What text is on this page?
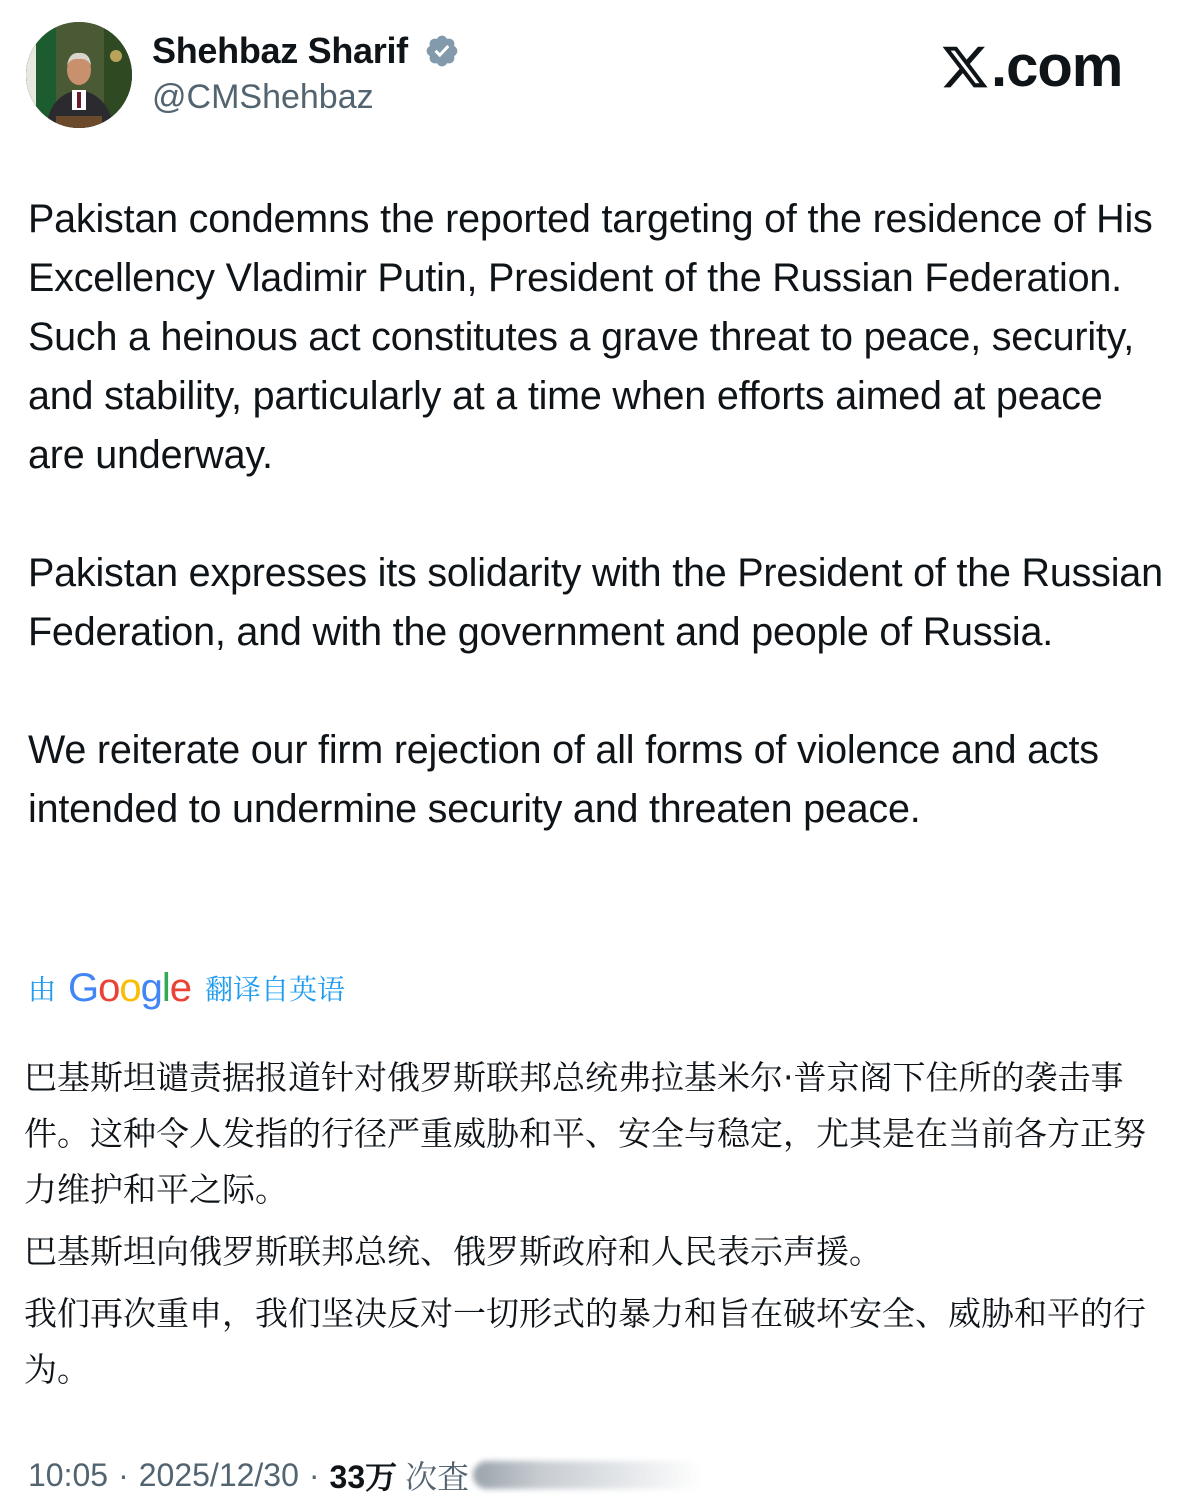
Shehbaz Sharif
@CMShehbaz	.com

Pakistan condemns the reported targeting of the residence of His Excellency Vladimir Putin, President of the Russian Federation. Such a heinous act constitutes a grave threat to peace, security, and stability, particularly at a time when efforts aimed at peace are underway.

Pakistan expresses its solidarity with the President of the Russian Federation, and with the government and people of Russia.

We reiterate our firm rejection of all forms of violence and acts intended to undermine security and threaten peace.

由 Google 翻译自英语

巴基斯坦谴责据报道针对俄罗斯联邦总统弗拉基米尔·普京阁下住所的袭击事件。这种令人发指的行径严重威胁和平、安全与稳定，尤其是在当前各方正努力维护和平之际。

巴基斯坦向俄罗斯联邦总统、俄罗斯政府和人民表示声援。

我们再次重申，我们坚决反对一切形式的暴力和旨在破坏安全、威胁和平的行为。

10:05 · 2025/12/30 · 33万 次査
